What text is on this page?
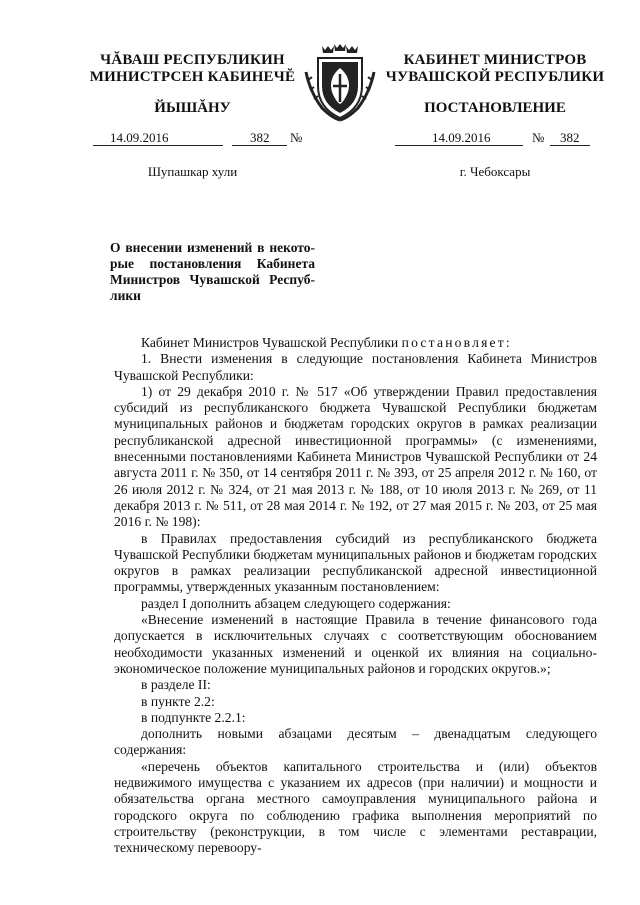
ЧĂВАШ РЕСПУБЛИКИН
МИНИСТРСЕН КАБИНЕЧĔ
ЙЫШĂНУ
14.09.2016	382 №
Шупашкар хули
КАБИНЕТ МИНИСТРОВ
ЧУВАШСКОЙ РЕСПУБЛИКИ
ПОСТАНОВЛЕНИЕ
14.09.2016	№ 382
г. Чебоксары
О внесении изменений в некото-
рые постановления Кабинета
Министров Чувашской Респуб-
лики

Кабинет Министров Чувашской Республики постановляет:

1. Внести изменения в следующие постановления Кабинета Министров Чувашской Республики:

1) от 29 декабря 2010 г. № 517 «Об утверждении Правил предоставления субсидий из республиканского бюджета Чувашской Республики бюджетам муниципальных районов и бюджетам городских округов в рамках реализации республиканской адресной инвестиционной программы» (с изменениями, внесенными постановлениями Кабинета Министров Чувашской Республики от 24 августа 2011 г. № 350, от 14 сентября 2011 г. № 393, от 25 апреля 2012 г. № 160, от 26 июля 2012 г. № 324, от 21 мая 2013 г. № 188, от 10 июля 2013 г. № 269, от 11 декабря 2013 г. № 511, от 28 мая 2014 г. № 192, от 27 мая 2015 г. № 203, от 25 мая 2016 г. № 198):

в Правилах предоставления субсидий из республиканского бюджета Чувашской Республики бюджетам муниципальных районов и бюджетам городских округов в рамках реализации республиканской адресной инвестиционной программы, утвержденных указанным постановлением:

раздел I дополнить абзацем следующего содержания:

«Внесение изменений в настоящие Правила в течение финансового года допускается в исключительных случаях с соответствующим обоснованием необходимости указанных изменений и оценкой их влияния на социально-экономическое положение муниципальных районов и городских округов.»;

в разделе II:

в пункте 2.2:

в подпункте 2.2.1:

дополнить новыми абзацами десятым – двенадцатым следующего содержания:

«перечень объектов капитального строительства и (или) объектов недвижимого имущества с указанием их адресов (при наличии) и мощности и обязательства органа местного самоуправления муниципального района и городского округа по соблюдению графика выполнения мероприятий по строительству (реконструкции, в том числе с элементами реставрации, техническому перевоору-
